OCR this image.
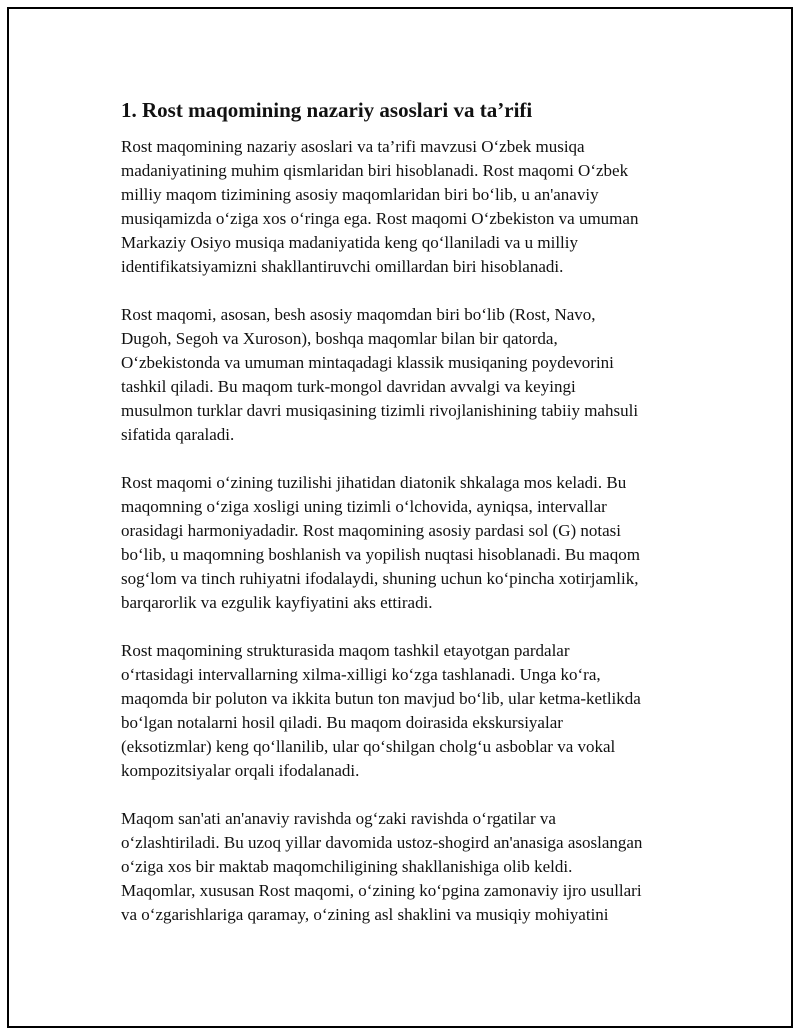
1. Rost maqomining nazariy asoslari va ta’rifi

Rost maqomining nazariy asoslari va ta’rifi mavzusi O‘zbek musiqa
madaniyatining muhim qismlaridan biri hisoblanadi. Rost maqomi O‘zbek
milliy maqom tizimining asosiy maqomlaridan biri bo‘lib, u an'anaviy
musiqamizda o‘ziga xos o‘ringa ega. Rost maqomi O‘zbekiston va umuman
Markaziy Osiyo musiqa madaniyatida keng qo‘llaniladi va u milliy
identifikatsiyamizni shakllantiruvchi omillardan biri hisoblanadi.

Rost maqomi, asosan, besh asosiy maqomdan biri bo‘lib (Rost, Navo,
Dugoh, Segoh va Xuroson), boshqa maqomlar bilan bir qatorda,
O‘zbekistonda va umuman mintaqadagi klassik musiqaning poydevorini
tashkil qiladi. Bu maqom turk-mongol davridan avvalgi va keyingi
musulmon turklar davri musiqasining tizimli rivojlanishining tabiiy mahsuli
sifatida qaraladi.

Rost maqomi o‘zining tuzilishi jihatidan diatonik shkalaga mos keladi. Bu
maqomning o‘ziga xosligi uning tizimli o‘lchovida, ayniqsa, intervallar
orasidagi harmoniyadadir. Rost maqomining asosiy pardasi sol (G) notasi
bo‘lib, u maqomning boshlanish va yopilish nuqtasi hisoblanadi. Bu maqom
sog‘lom va tinch ruhiyatni ifodalaydi, shuning uchun ko‘pincha xotirjamlik,
barqarorlik va ezgulik kayfiyatini aks ettiradi.

Rost maqomining strukturasida maqom tashkil etayotgan pardalar
o‘rtasidagi intervallarning xilma-xilligi ko‘zga tashlanadi. Unga ko‘ra,
maqomda bir poluton va ikkita butun ton mavjud bo‘lib, ular ketma-ketlikda
bo‘lgan notalarni hosil qiladi. Bu maqom doirasida ekskursiyalar
(eksotizmlar) keng qo‘llanilib, ular qo‘shilgan cholg‘u asboblar va vokal
kompozitsiyalar orqali ifodalanadi.

Maqom san'ati an'anaviy ravishda og‘zaki ravishda o‘rgatilar va
o‘zlashtiriladi. Bu uzoq yillar davomida ustoz-shogird an'anasiga asoslangan
o‘ziga xos bir maktab maqomchiligining shakllanishiga olib keldi.
Maqomlar, xususan Rost maqomi, o‘zining ko‘pgina zamonaviy ijro usullari
va o‘zgarishlariga qaramay, o‘zining asl shaklini va musiqiy mohiyatini
